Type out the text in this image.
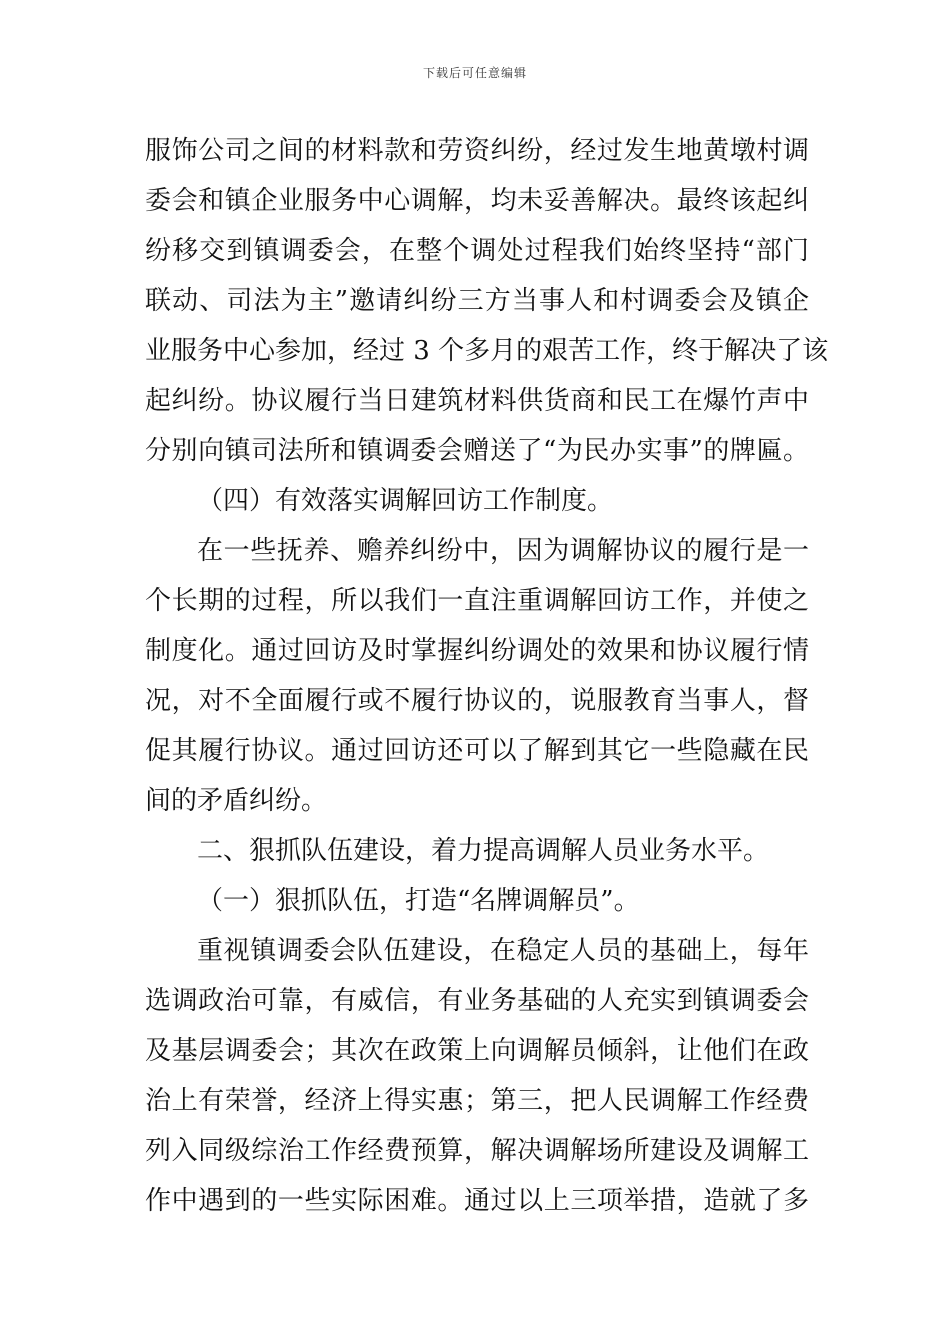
下载后可任意编辑
服饰公司之间的材料款和劳资纠纷，经过发生地黄墩村调
委会和镇企业服务中心调解，均未妥善解决。最终该起纠
纷移交到镇调委会，在整个调处过程我们始终坚持“部门
联动、司法为主”邀请纠纷三方当事人和村调委会及镇企
业服务中心参加，经过 3 个多月的艰苦工作，终于解决了该
起纠纷。协议履行当日建筑材料供货商和民工在爆竹声中
分别向镇司法所和镇调委会赠送了“为民办实事”的牌匾。
（四）有效落实调解回访工作制度。
在一些抚养、赡养纠纷中，因为调解协议的履行是一
个长期的过程，所以我们一直注重调解回访工作，并使之
制度化。通过回访及时掌握纠纷调处的效果和协议履行情
况，对不全面履行或不履行协议的，说服教育当事人，督
促其履行协议。通过回访还可以了解到其它一些隐藏在民
间的矛盾纠纷。
二、狠抓队伍建设，着力提高调解人员业务水平。
（一）狠抓队伍，打造“名牌调解员”。
重视镇调委会队伍建设，在稳定人员的基础上，每年
选调政治可靠，有威信，有业务基础的人充实到镇调委会
及基层调委会；其次在政策上向调解员倾斜，让他们在政
治上有荣誉，经济上得实惠；第三，把人民调解工作经费
列入同级综治工作经费预算，解决调解场所建设及调解工
作中遇到的一些实际困难。通过以上三项举措，造就了多
